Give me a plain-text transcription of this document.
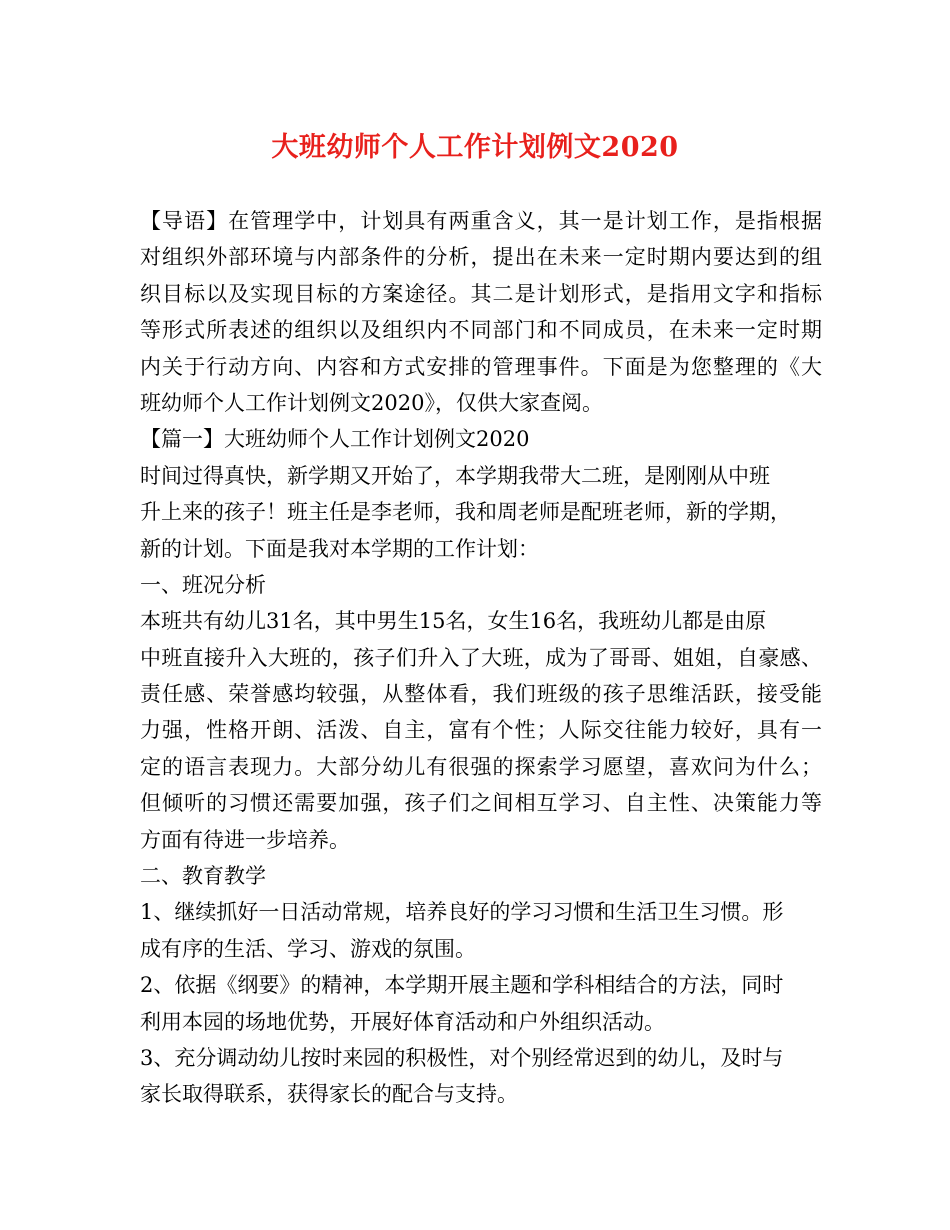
大班幼师个人工作计划例文2020
【导语】在管理学中，计划具有两重含义，其一是计划工作，是指根据
对组织外部环境与内部条件的分析，提出在未来一定时期内要达到的组
织目标以及实现目标的方案途径。其二是计划形式，是指用文字和指标
等形式所表述的组织以及组织内不同部门和不同成员，在未来一定时期
内关于行动方向、内容和方式安排的管理事件。下面是为您整理的《大
班幼师个人工作计划例文2020》，仅供大家查阅。
【篇一】大班幼师个人工作计划例文2020
时间过得真快，新学期又开始了，本学期我带大二班，是刚刚从中班
升上来的孩子！班主任是李老师，我和周老师是配班老师，新的学期，
新的计划。下面是我对本学期的工作计划：
一、班况分析
本班共有幼儿31名，其中男生15名，女生16名，我班幼儿都是由原
中班直接升入大班的，孩子们升入了大班，成为了哥哥、姐姐，自豪感、
责任感、荣誉感均较强，从整体看，我们班级的孩子思维活跃，接受能
力强，性格开朗、活泼、自主，富有个性；人际交往能力较好，具有一
定的语言表现力。大部分幼儿有很强的探索学习愿望，喜欢问为什么；
但倾听的习惯还需要加强，孩子们之间相互学习、自主性、决策能力等
方面有待进一步培养。
二、教育教学
1、继续抓好一日活动常规，培养良好的学习习惯和生活卫生习惯。形
成有序的生活、学习、游戏的氛围。
2、依据《纲要》的精神，本学期开展主题和学科相结合的方法，同时
利用本园的场地优势，开展好体育活动和户外组织活动。
3、充分调动幼儿按时来园的积极性，对个别经常迟到的幼儿，及时与
家长取得联系，获得家长的配合与支持。
